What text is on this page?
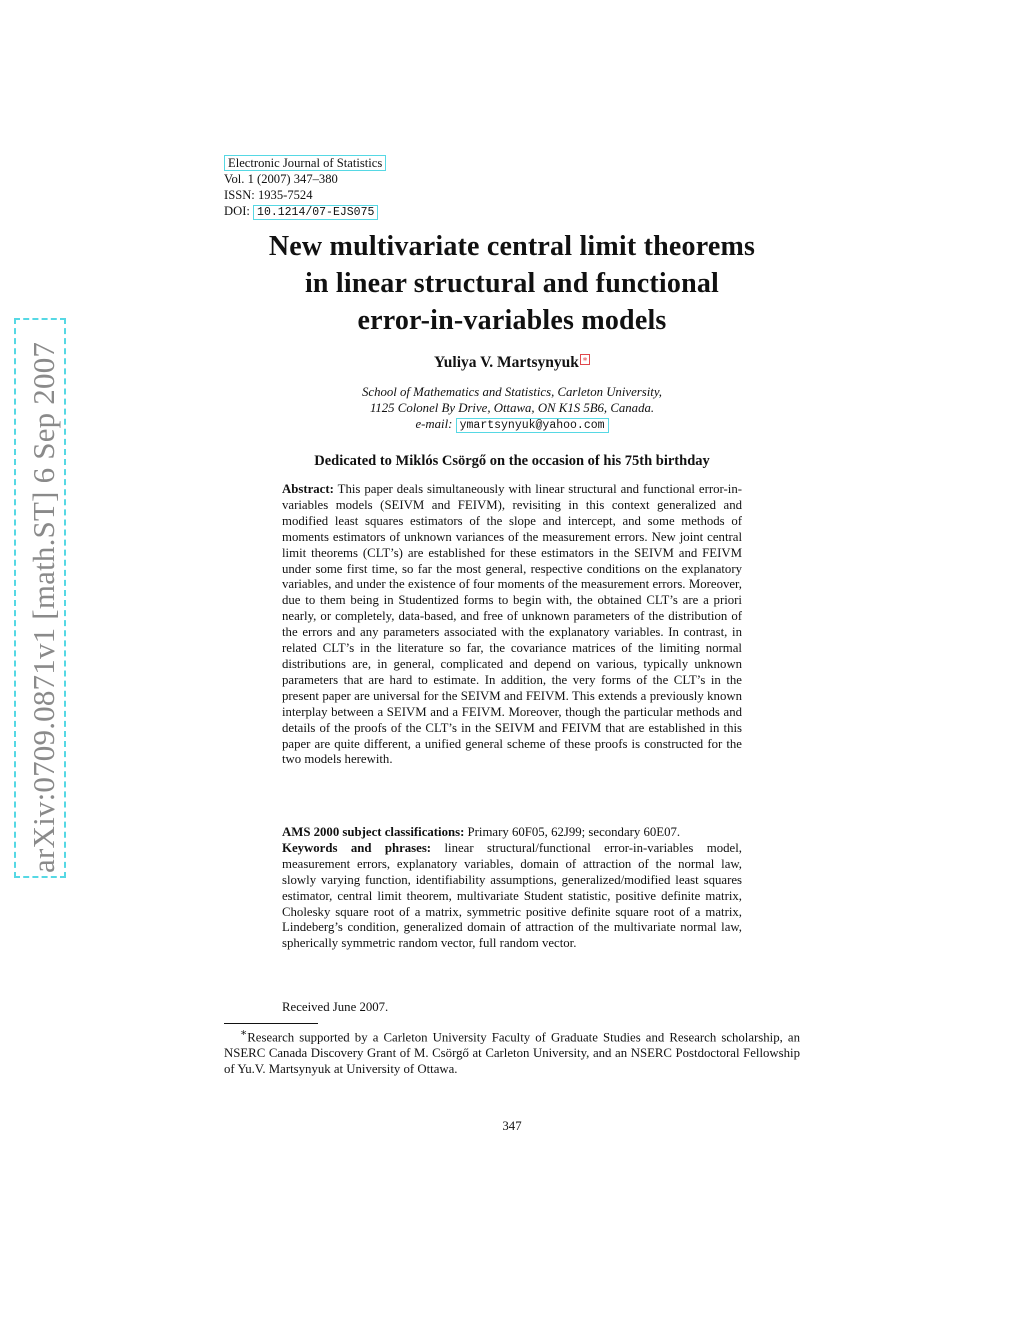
arXiv:0709.0871v1 [math.ST] 6 Sep 2007
Electronic Journal of Statistics
Vol. 1 (2007) 347–380
ISSN: 1935-7524
DOI: 10.1214/07-EJS075
New multivariate central limit theorems
in linear structural and functional
error-in-variables models
Yuliya V. Martsynyuk ∗
School of Mathematics and Statistics, Carleton University,
1125 Colonel By Drive, Ottawa, ON K1S 5B6, Canada.
e-mail: ymartsynyuk@yahoo.com
Dedicated to Miklós Csörgő on the occasion of his 75th birthday
Abstract: This paper deals simultaneously with linear structural and functional error-in-variables models (SEIVM and FEIVM), revisiting in this context generalized and modified least squares estimators of the slope and intercept, and some methods of moments estimators of unknown variances of the measurement errors. New joint central limit theorems (CLT’s) are established for these estimators in the SEIVM and FEIVM under some first time, so far the most general, respective conditions on the explanatory variables, and under the existence of four moments of the measurement errors. Moreover, due to them being in Studentized forms to begin with, the obtained CLT’s are a priori nearly, or completely, data-based, and free of unknown parameters of the distribution of the errors and any parameters associated with the explanatory variables. In contrast, in related CLT’s in the literature so far, the covariance matrices of the limiting normal distributions are, in general, complicated and depend on various, typically unknown parameters that are hard to estimate. In addition, the very forms of the CLT’s in the present paper are universal for the SEIVM and FEIVM. This extends a previously known interplay between a SEIVM and a FEIVM. Moreover, though the particular methods and details of the proofs of the CLT’s in the SEIVM and FEIVM that are established in this paper are quite different, a unified general scheme of these proofs is constructed for the two models herewith.
AMS 2000 subject classifications: Primary 60F05, 62J99; secondary 60E07.
Keywords and phrases: linear structural/functional error-in-variables model, measurement errors, explanatory variables, domain of attraction of the normal law, slowly varying function, identifiability assumptions, generalized/modified least squares estimator, central limit theorem, multivariate Student statistic, positive definite matrix, Cholesky square root of a matrix, symmetric positive definite square root of a matrix, Lindeberg’s condition, generalized domain of attraction of the multivariate normal law, spherically symmetric random vector, full random vector.
Received June 2007.
∗Research supported by a Carleton University Faculty of Graduate Studies and Research scholarship, an NSERC Canada Discovery Grant of M. Csörgő at Carleton University, and an NSERC Postdoctoral Fellowship of Yu.V. Martsynyuk at University of Ottawa.
347
